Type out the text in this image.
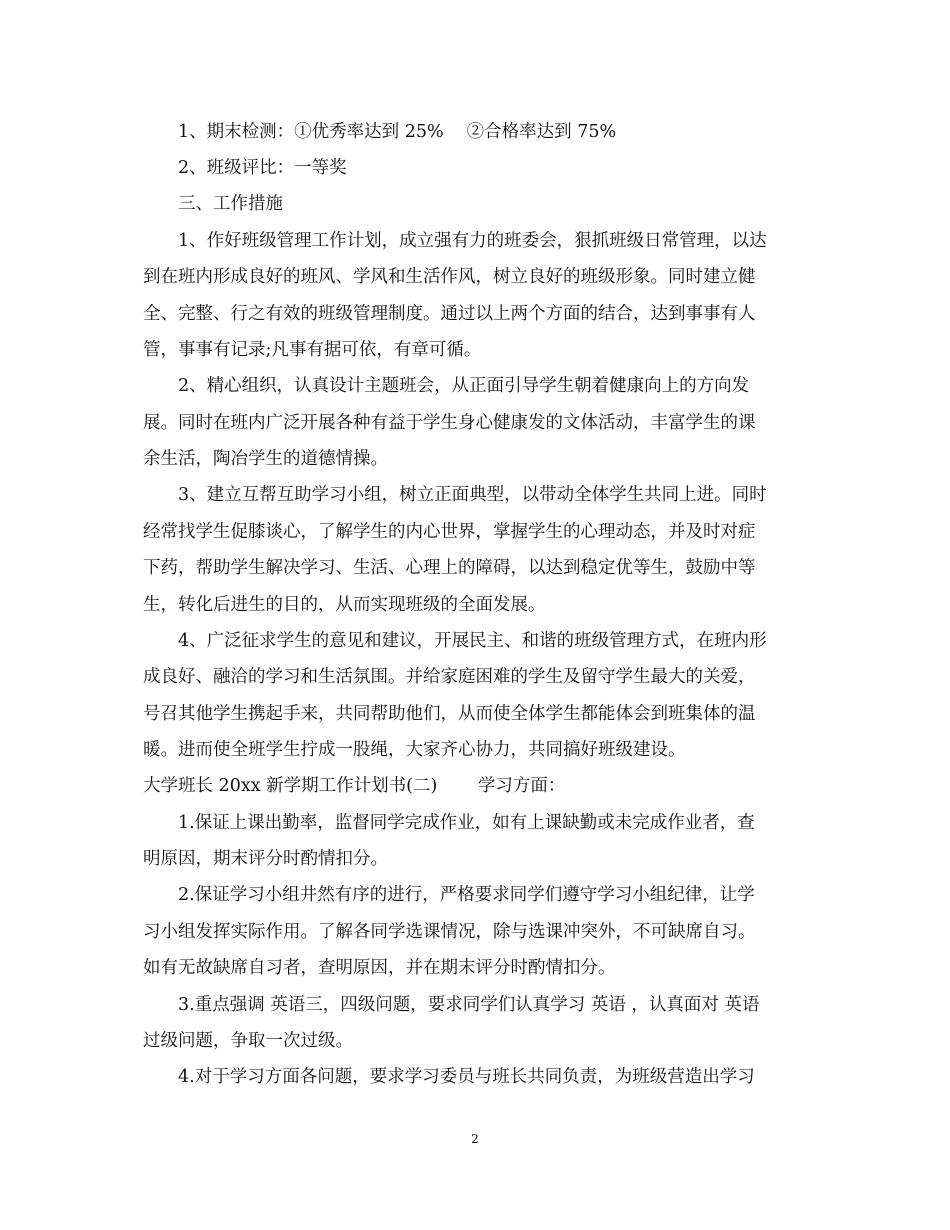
1、期末检测：①优秀率达到 25%　 ②合格率达到 75%
2、班级评比：一等奖
三、工作措施
1、作好班级管理工作计划，成立强有力的班委会，狠抓班级日常管理，以达
到在班内形成良好的班风、学风和生活作风，树立良好的班级形象。同时建立健
全、完整、行之有效的班级管理制度。通过以上两个方面的结合，达到事事有人
管，事事有记录;凡事有据可依，有章可循。
2、精心组织，认真设计主题班会，从正面引导学生朝着健康向上的方向发
展。同时在班内广泛开展各种有益于学生身心健康发的文体活动，丰富学生的课
余生活，陶冶学生的道德情操。
3、建立互帮互助学习小组，树立正面典型，以带动全体学生共同上进。同时
经常找学生促膝谈心，了解学生的内心世界，掌握学生的心理动态，并及时对症
下药，帮助学生解决学习、生活、心理上的障碍，以达到稳定优等生，鼓励中等
生，转化后进生的目的，从而实现班级的全面发展。
4、广泛征求学生的意见和建议，开展民主、和谐的班级管理方式，在班内形
成良好、融洽的学习和生活氛围。并给家庭困难的学生及留守学生最大的关爱，
号召其他学生携起手来，共同帮助他们，从而使全体学生都能体会到班集体的温
暖。进而使全班学生拧成一股绳，大家齐心协力，共同搞好班级建设。
大学班长 20xx 新学期工作计划书(二)　　 学习方面：
1.保证上课出勤率，监督同学完成作业，如有上课缺勤或未完成作业者，查
明原因，期末评分时酌情扣分。
2.保证学习小组井然有序的进行，严格要求同学们遵守学习小组纪律，让学
习小组发挥实际作用。了解各同学选课情况，除与选课冲突外，不可缺席自习。
如有无故缺席自习者，查明原因，并在期末评分时酌情扣分。
3.重点强调 英语三，四级问题，要求同学们认真学习 英语 ，认真面对 英语
过级问题，争取一次过级。
4.对于学习方面各问题，要求学习委员与班长共同负责，为班级营造出学习
2
